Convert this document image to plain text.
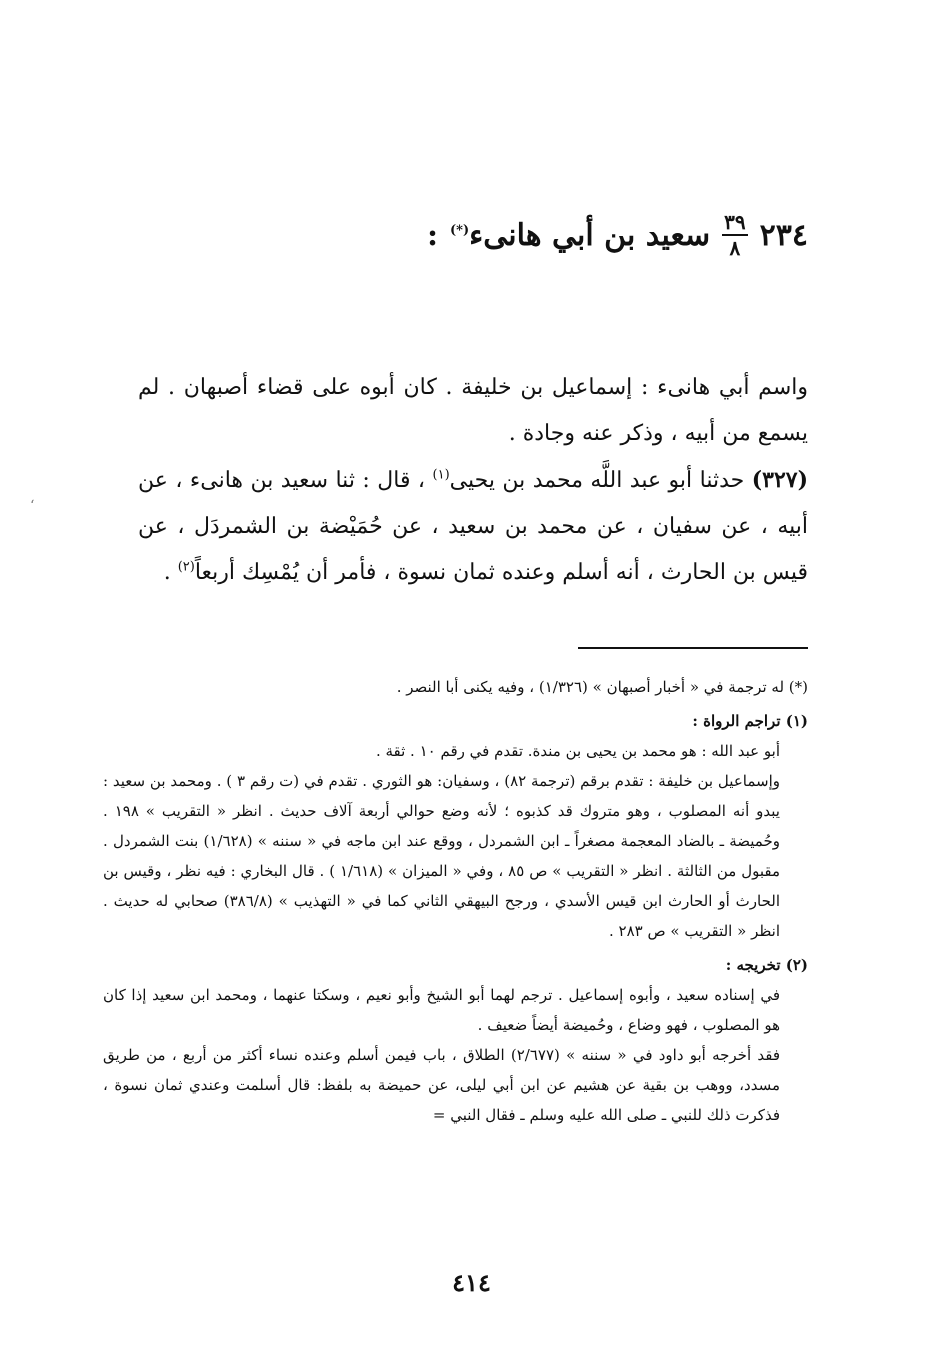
٢٣٤
$\frac{٣٩}{٨}$
سعيد بن أبي هانىء(*)
:

واسم أبي هانىء : إسماعيل بن خليفة . كان أبوه على قضاء أصبهان . لم يسمع من أبيه ، وذكر عنه وجادة .

(٣٢٧) حدثنا أبو عبد اللَّه محمد بن يحيى$^{(١)}$ ، قال : ثنا سعيد بن هانىء ، عن أبيه ، عن سفيان ، عن محمد بن سعيد ، عن حُمَيْضة بن الشمردَل ، عن قيس بن الحارث ، أنه أسلم وعنده ثمان نسوة ، فأمر أن يُمْسِك أربعاً$^{(٢)}$ .

(*) له ترجمة في « أخبار أصبهان » (١/٣٢٦) ، وفيه يكنى أبا النصر .

(١) تراجم الرواة :

أبو عبد الله : هو محمد بن يحيى بن مندة. تقدم في رقم ١٠ . ثقة .

وإسماعيل بن خليفة : تقدم برقم (ترجمة ٨٢) ، وسفيان: هو الثوري . تقدم في (ت رقم ٣ ) . ومحمد بن سعيد : يبدو أنه المصلوب ، وهو متروك قد كذبوه ؛ لأنه وضع حوالي أربعة آلاف حديث . انظر « التقريب » ١٩٨ . وحُميضة ـ بالضاد المعجمة مصغراً ـ ابن الشمردل ، ووقع عند ابن ماجه في « سننه » (١/٦٢٨) بنت الشمردل . مقبول من الثالثة . انظر « التقريب » ص ٨٥ ، وفي « الميزان » (١/٦١٨ ) . قال البخاري : فيه نظر ، وقيس بن الحارث أو الحارث ابن قيس الأسدي ، ورجح البيهقي الثاني كما في « التهذيب » (٣٨٦/٨) صحابي له حديث . انظر « التقريب » ص ٢٨٣ .

(٢) تخريجه :

في إسناده سعيد ، وأبوه إسماعيل . ترجم لهما أبو الشيخ وأبو نعيم ، وسكتا عنهما ، ومحمد ابن سعيد إذا كان هو المصلوب ، فهو وضاع ، وحُميضة أيضاً ضعيف .

فقد أخرجه أبو داود في « سننه » (٢/٦٧٧) الطلاق ، باب فيمن أسلم وعنده نساء أكثر من أربع ، من طريق مسدد، ووهب بن بقية عن هشيم عن ابن أبي ليلى، عن حميضة به بلفظ: قال أسلمت وعندي ثمان نسوة ، فذكرت ذلك للنبي ـ صلى الله عليه وسلم ـ فقال النبي =

٤١٤
‘
